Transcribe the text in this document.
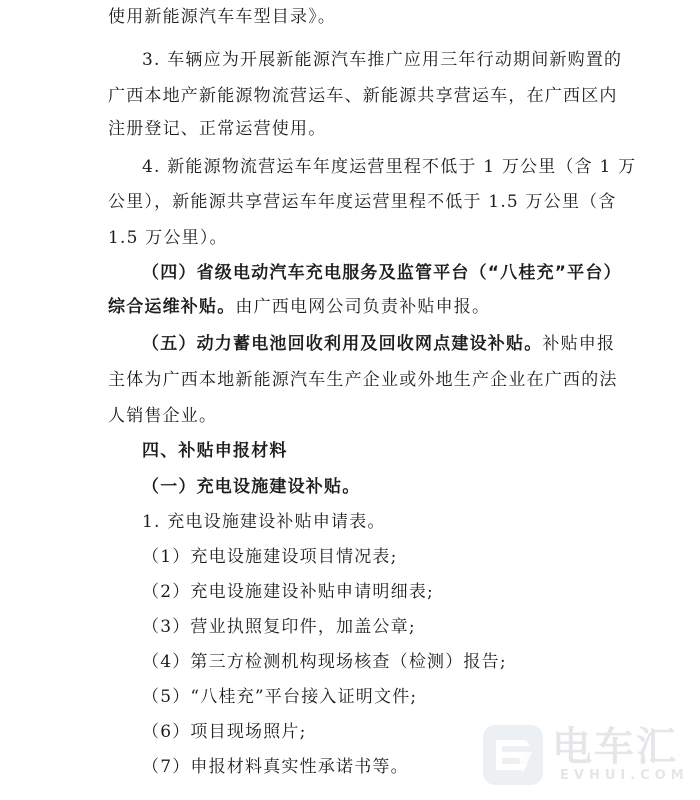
使用新能源汽车车型目录》。
3. 车辆应为开展新能源汽车推广应用三年行动期间新购置的
广西本地产新能源物流营运车、新能源共享营运车，在广西区内
注册登记、正常运营使用。
4. 新能源物流营运车年度运营里程不低于 1 万公里（含 1 万
公里），新能源共享营运车年度运营里程不低于 1.5 万公里（含
1.5 万公里）。
（四）省级电动汽车充电服务及监管平台（“八桂充”平台）
综合运维补贴。由广西电网公司负责补贴申报。
（五）动力蓄电池回收利用及回收网点建设补贴。补贴申报
主体为广西本地新能源汽车生产企业或外地生产企业在广西的法
人销售企业。
四、补贴申报材料
（一）充电设施建设补贴。
1. 充电设施建设补贴申请表。
（1）充电设施建设项目情况表;
（2）充电设施建设补贴申请明细表;
（3）营业执照复印件，加盖公章;
（4）第三方检测机构现场核查（检测）报告;
（5）“八桂充”平台接入证明文件;
（6）项目现场照片;
（7）申报材料真实性承诺书等。	电车汇
EVHUI.COM
